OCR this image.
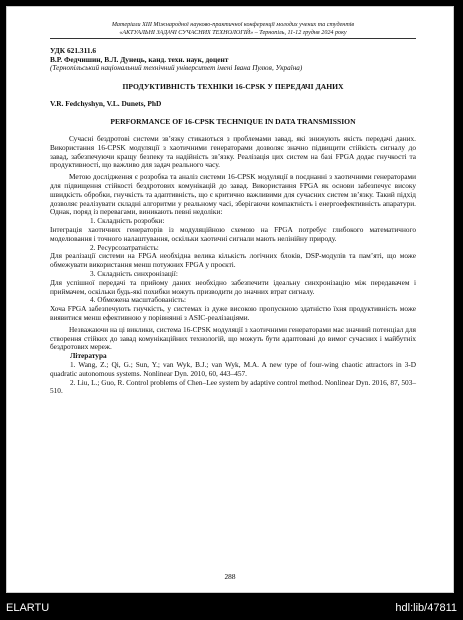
Матеріали ХІІІ Міжнародної науково-практичної конференції молодих учених та студентів
«АКТУАЛЬНІ ЗАДАЧІ СУЧАСНИХ ТЕХНОЛОГІЙ» – Тернопіль, 11-12 грудня 2024 року
УДК 621.311.6
В.Р. Федчишин, В.Л. Дунець, канд. техн. наук, доцент
(Тернопільський національний технічний університет імені Івана Пулюя, Україна)
ПРОДУКТИВНІСТЬ ТЕХНІКИ 16-CPSK У ПЕРЕДАЧІ ДАНИХ
V.R. Fedchyshyn, V.L. Dunets, PhD
PERFORMANCE OF 16-CPSK TECHNIQUE IN DATA TRANSMISSION

Сучасні бездротові системи зв’язку стикаються з проблемами завад, які знижують якість передачі даних. Використання 16-CPSK модуляції з хаотичними генераторами дозволяє значно підвищити стійкість сигналу до завад, забезпечуючи кращу безпеку та надійність зв’язку. Реалізація цих систем на базі FPGA додає гнучкості та продуктивності, що важливо для задач реального часу.

Метою дослідження є розробка та аналіз системи 16-CPSK модуляції в поєднанні з хаотичними генераторами для підвищення стійкості бездротових комунікацій до завад. Використання FPGA як основи забезпечує високу швидкість обробки, гнучкість та адаптивність, що є критично важливими для сучасних систем зв’язку. Такий підхід дозволяє реалізувати складні алгоритми у реальному часі, зберігаючи компактність і енергоефективність апаратури. Однак, поряд із перевагами, виникають певні недоліки:

1. Складність розробки:

Інтеграція хаотичних генераторів із модуляційною схемою на FPGA потребує глибокого математичного моделювання і точного налаштування, оскільки хаотичні сигнали мають нелінійну природу.

2. Ресурсозатратність:

Для реалізації системи на FPGA необхідна велика кількість логічних блоків, DSP-модулів та пам’яті, що може обмежувати використання менш потужних FPGA у проєкті.

3. Складність синхронізації:

Для успішної передачі та прийому даних необхідно забезпечити ідеальну синхронізацію між передавачем і приймачем, оскільки будь-які похибки можуть призводити до значних втрат сигналу.

4. Обмежена масштабованість:

Хоча FPGA забезпечують гнучкість, у системах із дуже високою пропускною здатністю їхня продуктивність може виявитися менш ефективною у порівнянні з ASIC-реалізаціями.

Незважаючи на ці виклики, система 16-CPSK модуляції з хаотичними генераторами має значний потенціал для створення стійких до завад комунікаційних технологій, що можуть бути адаптовані до вимог сучасних і майбутніх бездротових мереж.

Література

1. Wang, Z.; Qi, G.; Sun, Y.; van Wyk, B.J.; van Wyk, M.A. A new type of four-wing chaotic attractors in 3-D quadratic autonomous systems. Nonlinear Dyn. 2010, 60, 443–457.

2. Liu, L.; Guo, R. Control problems of Chen–Lee system by adaptive control method. Nonlinear Dyn. 2016, 87, 503–510.

288
ELARTU	hdl:lib/47811
